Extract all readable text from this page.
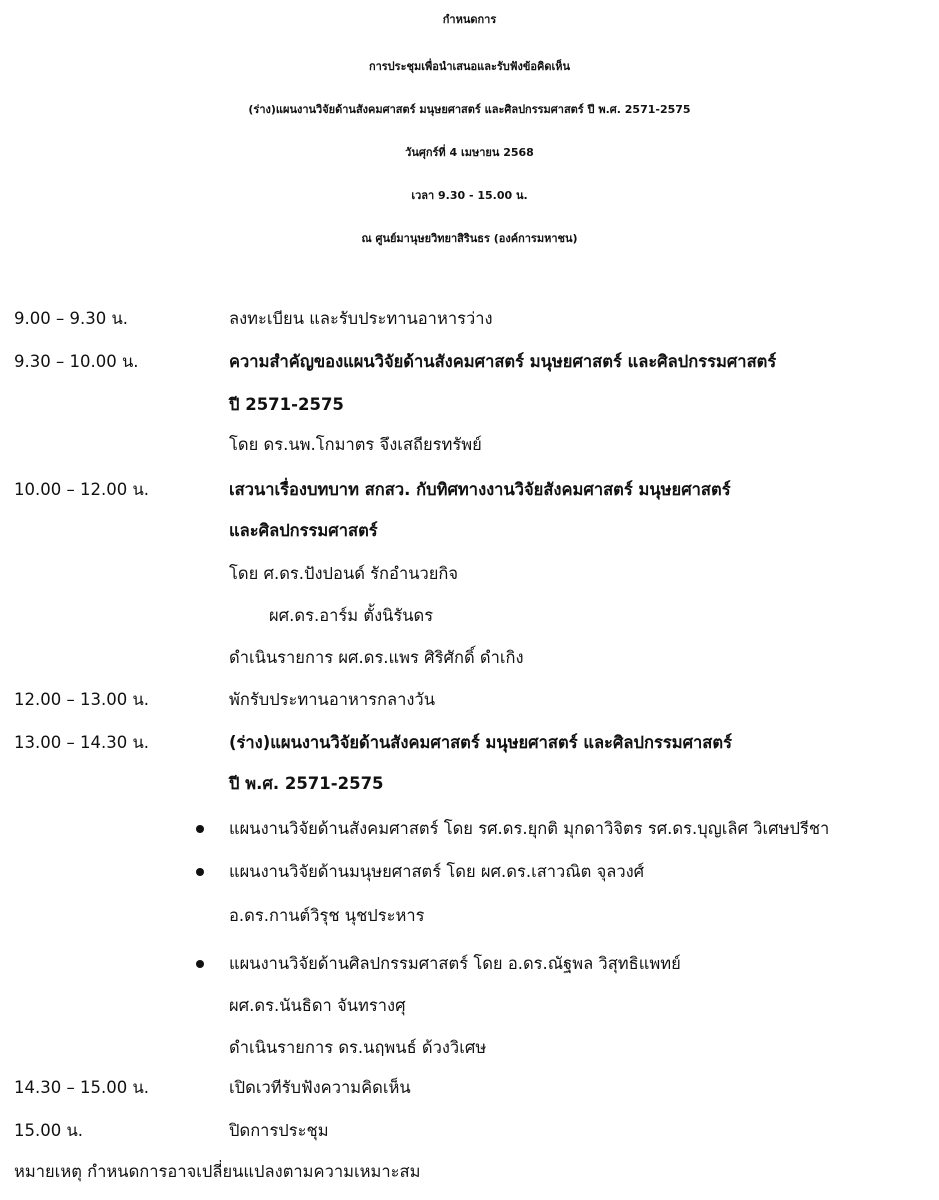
กำหนดการ
การประชุมเพื่อนำเสนอและรับฟังข้อคิดเห็น
(ร่าง)แผนงานวิจัยด้านสังคมศาสตร์ มนุษยศาสตร์ และศิลปกรรมศาสตร์ ปี พ.ศ. 2571-2575
วันศุกร์ที่ 4 เมษายน 2568
เวลา 9.30 - 15.00 น.
ณ ศูนย์มานุษยวิทยาสิรินธร (องค์การมหาชน)
9.00 – 9.30 น.	ลงทะเบียน และรับประทานอาหารว่าง
9.30 – 10.00 น.	ความสำคัญของแผนวิจัยด้านสังคมศาสตร์ มนุษยศาสตร์ และศิลปกรรมศาสตร์
ปี 2571-2575
โดย ดร.นพ.โกมาตร จึงเสถียรทรัพย์
10.00 – 12.00 น.	เสวนาเรื่องบทบาท สกสว. กับทิศทางงานวิจัยสังคมศาสตร์ มนุษยศาสตร์
และศิลปกรรมศาสตร์
โดย ศ.ดร.ปังปอนด์ รักอำนวยกิจ
ผศ.ดร.อาร์ม ตั้งนิรันดร
ดำเนินรายการ ผศ.ดร.แพร ศิริศักดิ์ ดำเกิง
12.00 – 13.00 น.	พักรับประทานอาหารกลางวัน
13.00 – 14.30 น.	(ร่าง)แผนงานวิจัยด้านสังคมศาสตร์ มนุษยศาสตร์ และศิลปกรรมศาสตร์
ปี พ.ศ. 2571-2575
แผนงานวิจัยด้านสังคมศาสตร์ โดย รศ.ดร.ยุกติ มุกดาวิจิตร รศ.ดร.บุญเลิศ วิเศษปรีชา
แผนงานวิจัยด้านมนุษยศาสตร์ โดย ผศ.ดร.เสาวณิต จุลวงศ์
อ.ดร.กานต์วิรุช นุชประหาร
แผนงานวิจัยด้านศิลปกรรมศาสตร์ โดย อ.ดร.ณัฐพล วิสุทธิแพทย์
ผศ.ดร.นันธิดา จันทรางศุ
ดำเนินรายการ ดร.นฤพนธ์ ด้วงวิเศษ
14.30 – 15.00 น.	เปิดเวทีรับฟังความคิดเห็น
15.00 น.	ปิดการประชุม
หมายเหตุ กำหนดการอาจเปลี่ยนแปลงตามความเหมาะสม
